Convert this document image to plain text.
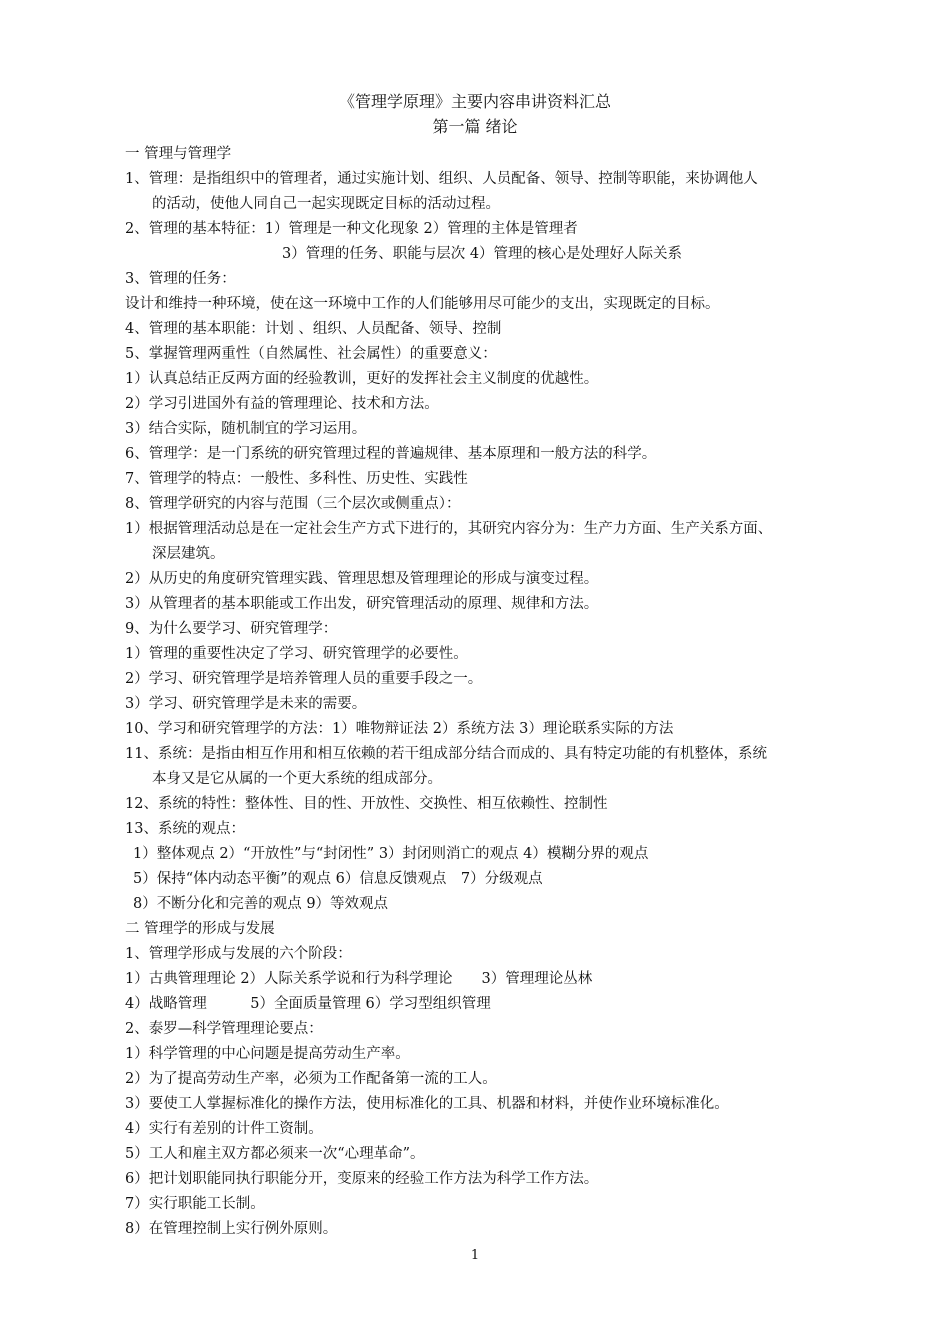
《管理学原理》主要内容串讲资料汇总
第一篇 绪论
一 管理与管理学
1、管理：是指组织中的管理者，通过实施计划、组织、人员配备、领导、控制等职能，来协调他人
的活动，使他人同自己一起实现既定目标的活动过程。
2、管理的基本特征：1）管理是一种文化现象 2）管理的主体是管理者
3）管理的任务、职能与层次 4）管理的核心是处理好人际关系
3、管理的任务：
设计和维持一种环境，使在这一环境中工作的人们能够用尽可能少的支出，实现既定的目标。
4、管理的基本职能：计划 、组织、人员配备、领导、控制
5、掌握管理两重性（自然属性、社会属性）的重要意义：
1）认真总结正反两方面的经验教训，更好的发挥社会主义制度的优越性。
2）学习引进国外有益的管理理论、技术和方法。
3）结合实际，随机制宜的学习运用。
6、管理学：是一门系统的研究管理过程的普遍规律、基本原理和一般方法的科学。
7、管理学的特点：一般性、多科性、历史性、实践性
8、管理学研究的内容与范围（三个层次或侧重点）：
1）根据管理活动总是在一定社会生产方式下进行的，其研究内容分为：生产力方面、生产关系方面、
深层建筑。
2）从历史的角度研究管理实践、管理思想及管理理论的形成与演变过程。
3）从管理者的基本职能或工作出发，研究管理活动的原理、规律和方法。
9、为什么要学习、研究管理学：
1）管理的重要性决定了学习、研究管理学的必要性。
2）学习、研究管理学是培养管理人员的重要手段之一。
3）学习、研究管理学是未来的需要。
10、学习和研究管理学的方法：1）唯物辩证法 2）系统方法 3）理论联系实际的方法
11、系统：是指由相互作用和相互依赖的若干组成部分结合而成的、具有特定功能的有机整体，系统
本身又是它从属的一个更大系统的组成部分。
12、系统的特性：整体性、目的性、开放性、交换性、相互依赖性、控制性
13、系统的观点：
1）整体观点 2）“开放性”与“封闭性” 3）封闭则消亡的观点 4）模糊分界的观点
5）保持“体内动态平衡”的观点 6）信息反馈观点　7）分级观点
8）不断分化和完善的观点 9）等效观点
二 管理学的形成与发展
1、管理学形成与发展的六个阶段：
1）古典管理理论 2）人际关系学说和行为科学理论　　3）管理理论丛林
4）战略管理　　　5）全面质量管理 6）学习型组织管理
2、泰罗—科学管理理论要点：
1）科学管理的中心问题是提高劳动生产率。
2）为了提高劳动生产率，必须为工作配备第一流的工人。
3）要使工人掌握标准化的操作方法，使用标准化的工具、机器和材料，并使作业环境标准化。
4）实行有差别的计件工资制。
5）工人和雇主双方都必须来一次“心理革命”。
6）把计划职能同执行职能分开，变原来的经验工作方法为科学工作方法。
7）实行职能工长制。
8）在管理控制上实行例外原则。
1
